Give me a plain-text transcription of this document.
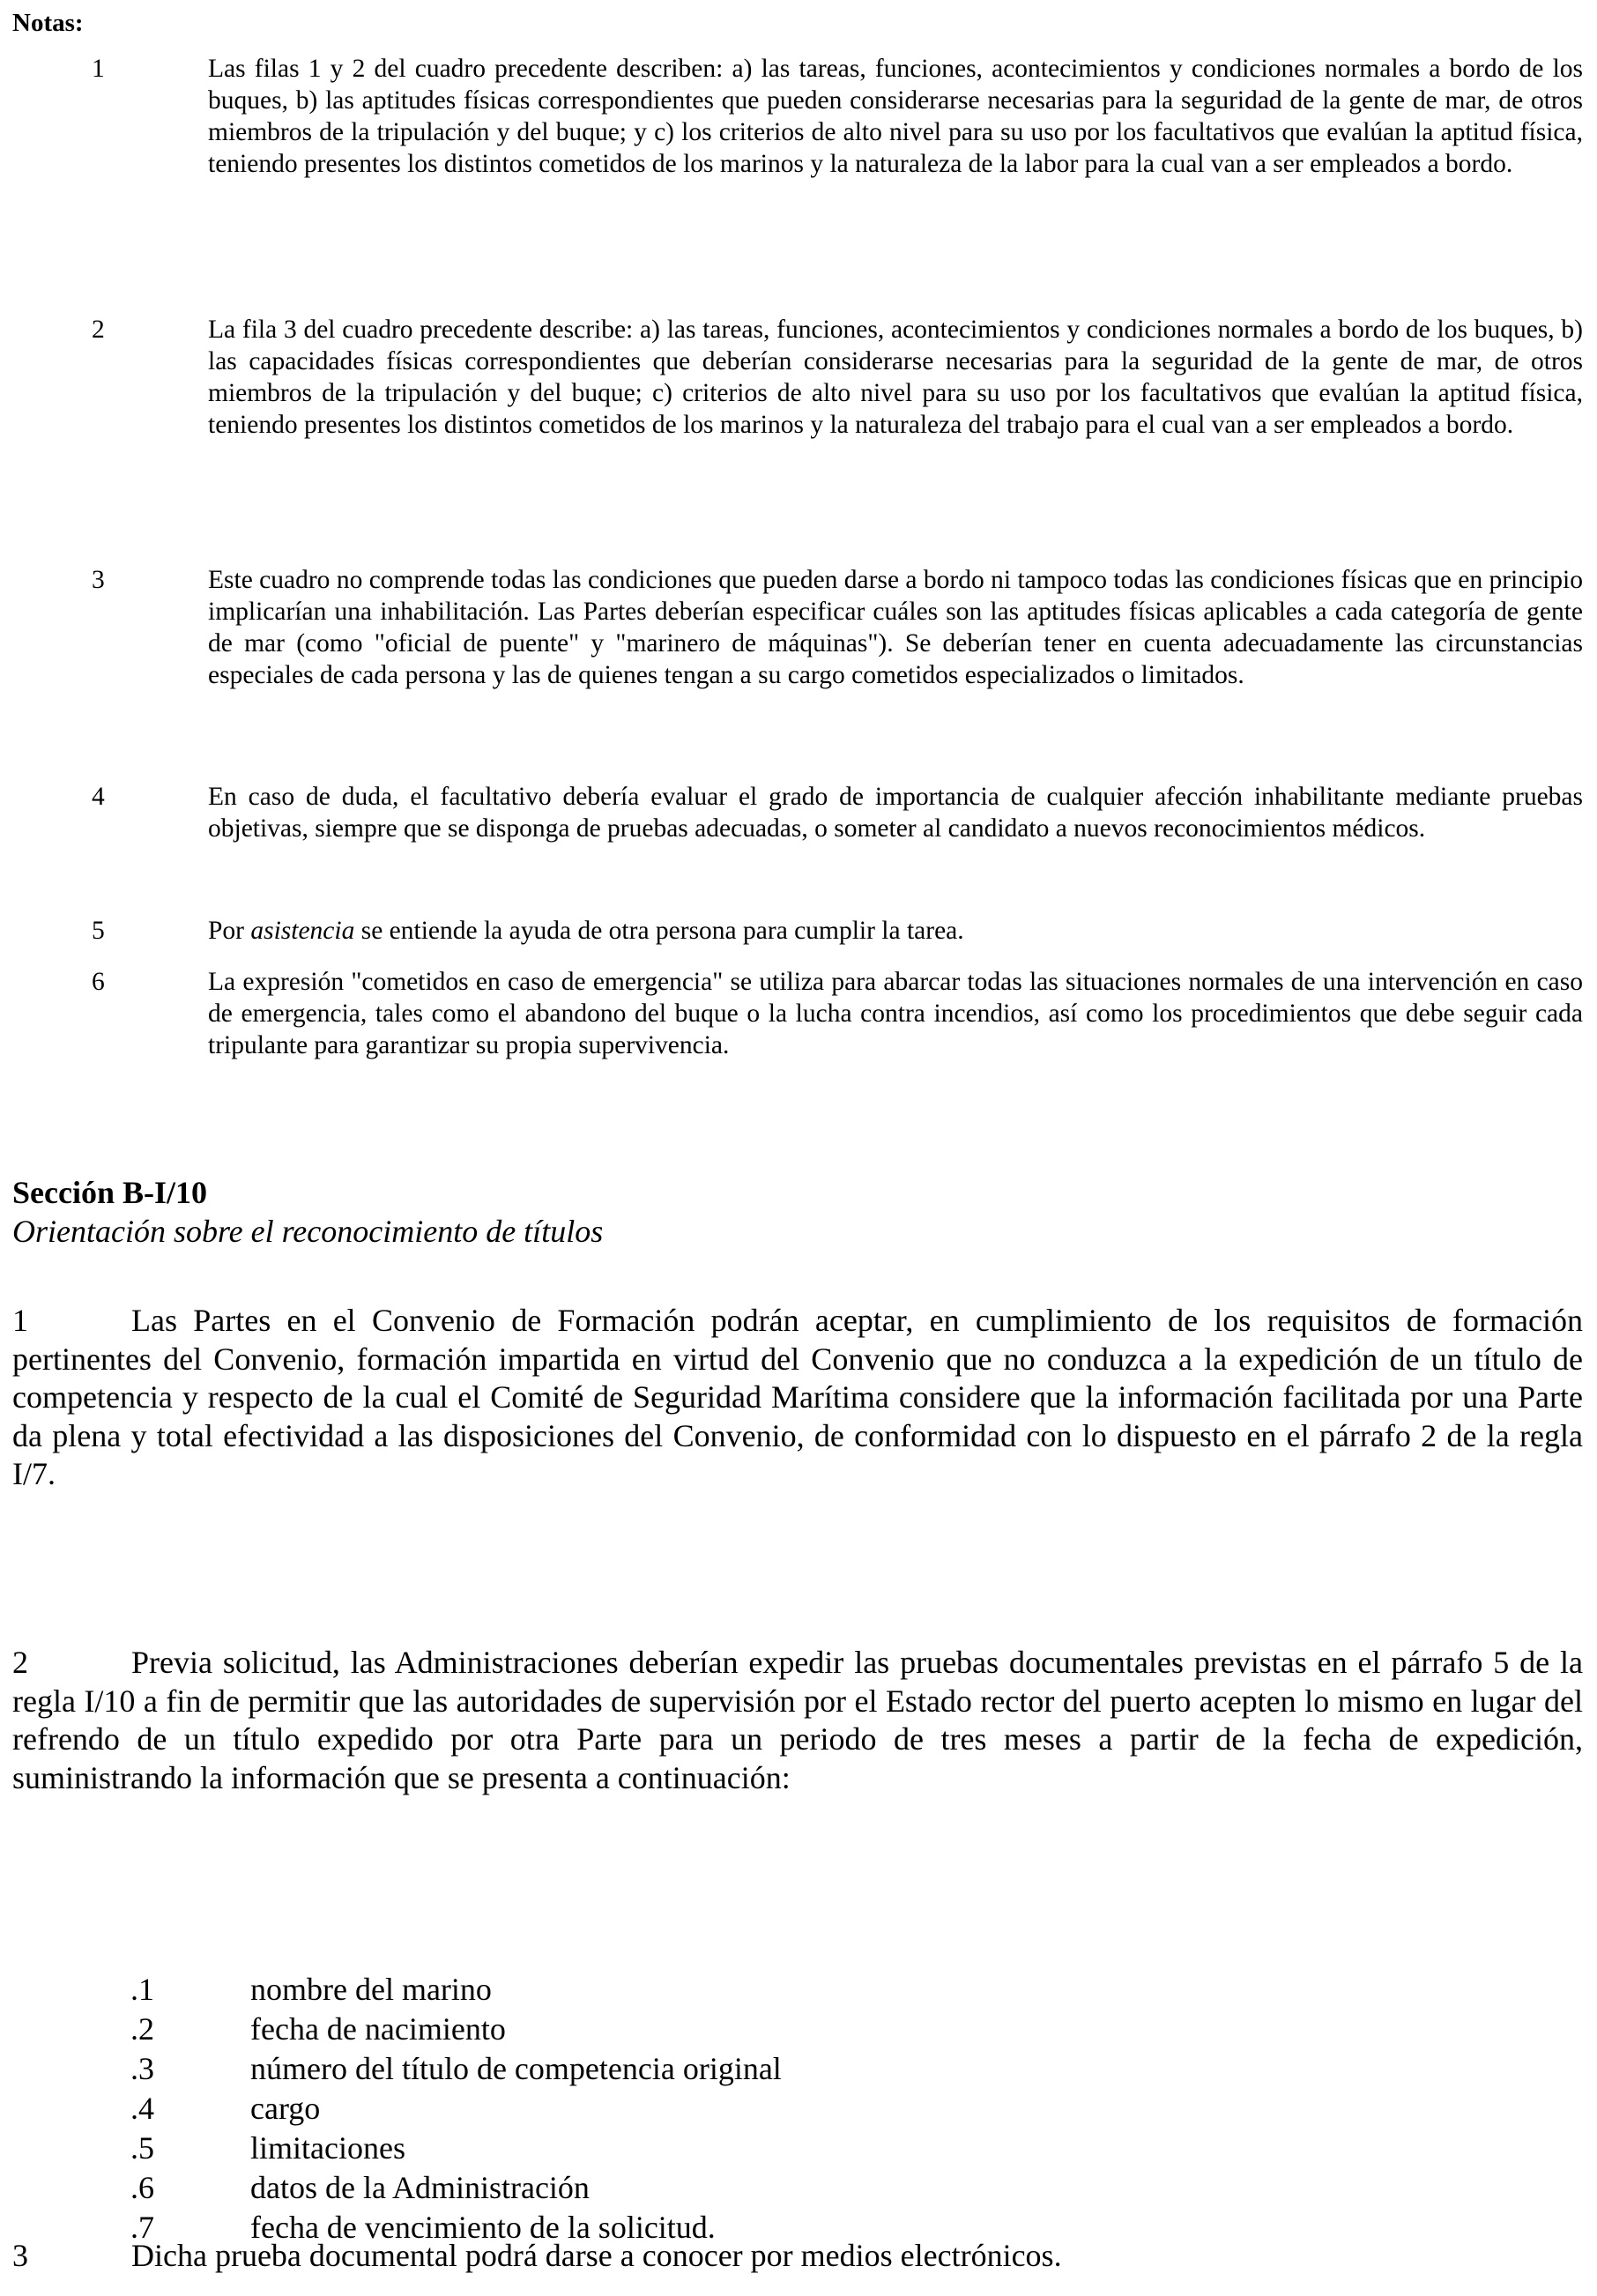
Notas:
1	Las filas 1 y 2 del cuadro precedente describen: a) las tareas, funciones, acontecimientos y condiciones normales a bordo de los buques, b) las aptitudes físicas correspondientes que pueden considerarse necesarias para la seguridad de la gente de mar, de otros miembros de la tripulación y del buque; y c) los criterios de alto nivel para su uso por los facultativos que evalúan la aptitud física, teniendo presentes los distintos cometidos de los marinos y la naturaleza de la labor para la cual van a ser empleados a bordo.
2	La fila 3 del cuadro precedente describe: a) las tareas, funciones, acontecimientos y condiciones normales a bordo de los buques, b) las capacidades físicas correspondientes que deberían considerarse necesarias para la seguridad de la gente de mar, de otros miembros de la tripulación y del buque; c) criterios de alto nivel para su uso por los facultativos que evalúan la aptitud física, teniendo presentes los distintos cometidos de los marinos y la naturaleza del trabajo para el cual van a ser empleados a bordo.
3	Este cuadro no comprende todas las condiciones que pueden darse a bordo ni tampoco todas las condiciones físicas que en principio implicarían una inhabilitación. Las Partes deberían especificar cuáles son las aptitudes físicas aplicables a cada categoría de gente de mar (como "oficial de puente" y "marinero de máquinas"). Se deberían tener en cuenta adecuadamente las circunstancias especiales de cada persona y las de quienes tengan a su cargo cometidos especializados o limitados.
4	En caso de duda, el facultativo debería evaluar el grado de importancia de cualquier afección inhabilitante mediante pruebas objetivas, siempre que se disponga de pruebas adecuadas, o someter al candidato a nuevos reconocimientos médicos.
5	Por asistencia se entiende la ayuda de otra persona para cumplir la tarea.
6	La expresión "cometidos en caso de emergencia" se utiliza para abarcar todas las situaciones normales de una intervención en caso de emergencia, tales como el abandono del buque o la lucha contra incendios, así como los procedimientos que debe seguir cada tripulante para garantizar su propia supervivencia.
Sección B-I/10
Orientación sobre el reconocimiento de títulos
1	Las Partes en el Convenio de Formación podrán aceptar, en cumplimiento de los requisitos de formación pertinentes del Convenio, formación impartida en virtud del Convenio que no conduzca a la expedición de un título de competencia y respecto de la cual el Comité de Seguridad Marítima considere que la información facilitada por una Parte da plena y total efectividad a las disposiciones del Convenio, de conformidad con lo dispuesto en el párrafo 2 de la regla I/7.
2	Previa solicitud, las Administraciones deberían expedir las pruebas documentales previstas en el párrafo 5 de la regla I/10 a fin de permitir que las autoridades de supervisión por el Estado rector del puerto acepten lo mismo en lugar del refrendo de un título expedido por otra Parte para un periodo de tres meses a partir de la fecha de expedición, suministrando la información que se presenta a continuación:
.1	nombre del marino
.2	fecha de nacimiento
.3	número del título de competencia original
.4	cargo
.5	limitaciones
.6	datos de la Administración
.7	fecha de vencimiento de la solicitud.
3	Dicha prueba documental podrá darse a conocer por medios electrónicos.
